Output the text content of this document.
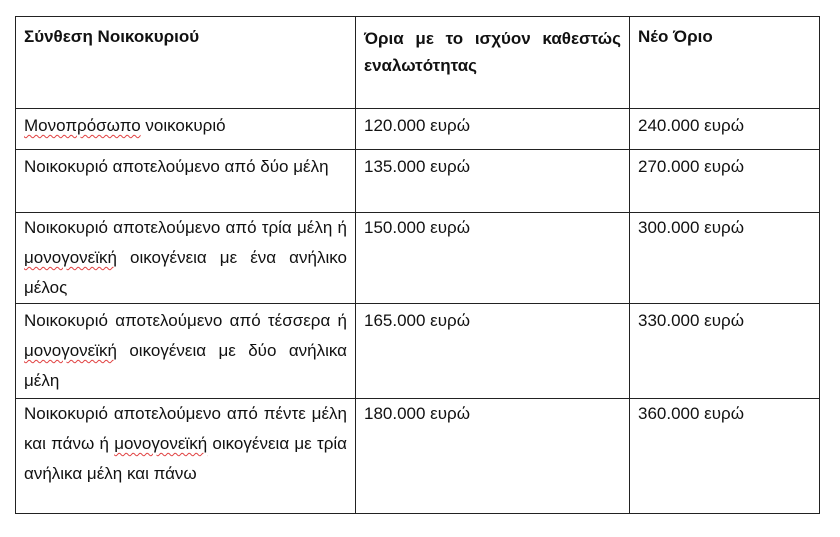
Σύνθεση Νοικοκυριού	Όρια με το ισχύον καθεστώς εναλωτότητας	Νέο Όριο
Μονοπρόσωπο νοικοκυριό	120.000 ευρώ	240.000 ευρώ
Νοικοκυριό αποτελούμενο από δύο μέλη	135.000 ευρώ	270.000 ευρώ
Νοικοκυριό αποτελούμενο από τρία μέλη ή μονογονεϊκή οικογένεια με ένα ανήλικο μέλος	150.000 ευρώ	300.000 ευρώ
Νοικοκυριό αποτελούμενο από τέσσερα ή μονογονεϊκή οικογένεια με δύο ανήλικα μέλη	165.000 ευρώ	330.000 ευρώ
Νοικοκυριό αποτελούμενο από πέντε μέλη και πάνω ή μονογονεϊκή οικογένεια με τρία ανήλικα μέλη και πάνω	180.000 ευρώ	360.000 ευρώ
